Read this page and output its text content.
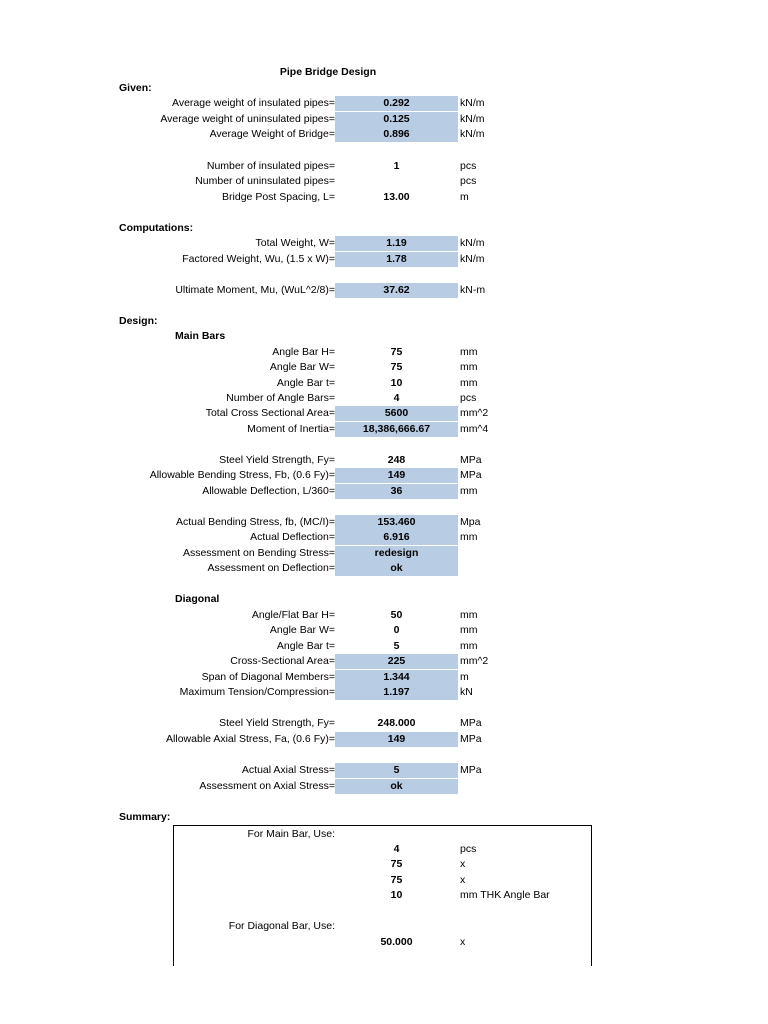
Pipe Bridge Design
Given:
Average weight of insulated pipes=	0.292	kN/m
Average weight of uninsulated pipes=	0.125	kN/m
Average Weight of Bridge=	0.896	kN/m
Number of insulated pipes=	1	pcs
Number of uninsulated pipes=	pcs
Bridge Post Spacing, L=	13.00	m
Computations:
Total Weight, W=	1.19	kN/m
Factored Weight, Wu, (1.5 x W)=	1.78	kN/m
Ultimate Moment, Mu, (WuL^2/8)=	37.62	kN-m
Design:
Main Bars
Angle Bar H=	75	mm
Angle Bar W=	75	mm
Angle Bar t=	10	mm
Number of Angle Bars=	4	pcs
Total Cross Sectional Area=	5600	mm^2
Moment of Inertia=	18,386,666.67	mm^4
Steel Yield Strength, Fy=	248	MPa
Allowable Bending Stress, Fb, (0.6 Fy)=	149	MPa
Allowable Deflection, L/360=	36	mm
Actual Bending Stress, fb, (MC/I)=	153.460	Mpa
Actual Deflection=	6.916	mm
Assessment on Bending Stress=	redesign
Assessment on Deflection=	ok
Diagonal
Angle/Flat Bar H=	50	mm
Angle Bar W=	0	mm
Angle Bar t=	5	mm
Cross-Sectional Area=	225	mm^2
Span of Diagonal Members=	1.344	m
Maximum Tension/Compression=	1.197	kN
Steel Yield Strength, Fy=	248.000	MPa
Allowable Axial Stress, Fa, (0.6 Fy)=	149	MPa
Actual Axial Stress=	5	MPa
Assessment on Axial Stress=	ok
Summary:
For Main Bar, Use:
4	pcs
75	x
75	x
10	mm THK Angle Bar
For Diagonal Bar, Use:
50.000	x
